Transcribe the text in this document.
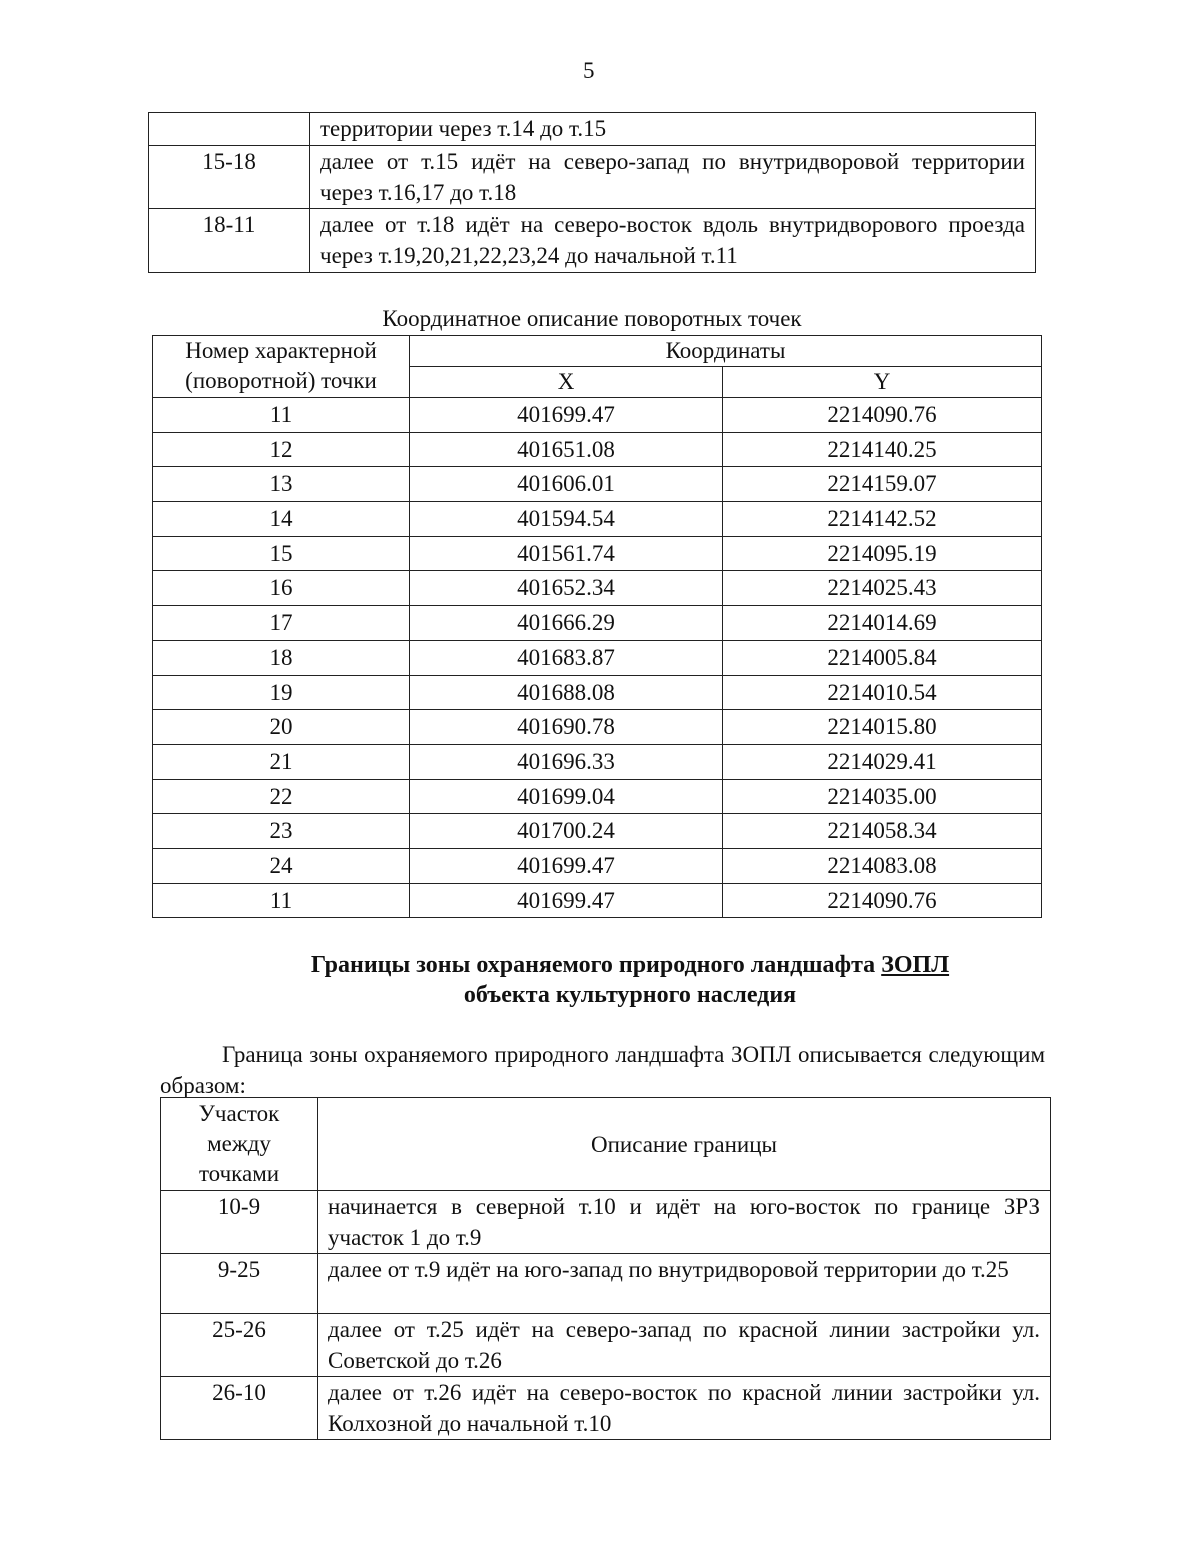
5
	территории через т.14 до т.15
15-18	далее от т.15 идёт на северо-запад по внутридворовой территории через т.16,17 до т.18
18-11	далее от т.18 идёт на северо-восток вдоль внутридворового проезда через т.19,20,21,22,23,24 до начальной т.11
Координатное описание поворотных точек
Номер характерной (поворотной) точки	Координаты	
	X	Y
11	401699.47	2214090.76
12	401651.08	2214140.25
13	401606.01	2214159.07
14	401594.54	2214142.52
15	401561.74	2214095.19
16	401652.34	2214025.43
17	401666.29	2214014.69
18	401683.87	2214005.84
19	401688.08	2214010.54
20	401690.78	2214015.80
21	401696.33	2214029.41
22	401699.04	2214035.00
23	401700.24	2214058.34
24	401699.47	2214083.08
11	401699.47	2214090.76
Границы зоны охраняемого природного ландшафта ЗОПЛ
объекта культурного наследия
Граница зоны охраняемого природного ландшафта ЗОПЛ описывается следующим образом:
Участок между точками	Описание границы
10-9	начинается в северной т.10 и идёт на юго-восток по границе ЗРЗ участок 1 до т.9
9-25	далее от т.9 идёт на юго-запад по внутридворовой территории до т.25
25-26	далее от т.25 идёт на северо-запад по красной линии застройки ул. Советской до т.26
26-10	далее от т.26 идёт на северо-восток по красной линии застройки ул. Колхозной до начальной т.10
